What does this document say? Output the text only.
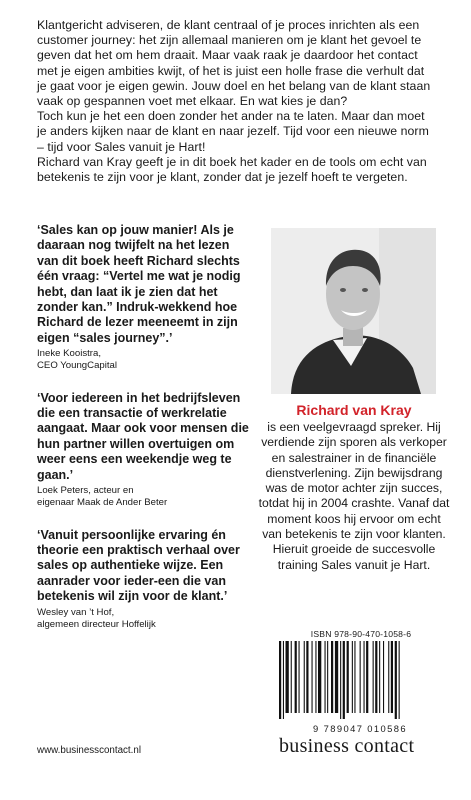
Klantgericht adviseren, de klant centraal of je proces inrichten als een customer journey: het zijn allemaal manieren om je klant het gevoel te geven dat het om hem draait. Maar vaak raak je daardoor het contact met je eigen ambities kwijt, of het is juist een holle frase die verhult dat je gaat voor je eigen gewin. Jouw doel en het belang van de klant staan vaak op gespannen voet met elkaar. En wat kies je dan?

Toch kun je het een doen zonder het ander na te laten. Maar dan moet je anders kijken naar de klant en naar jezelf. Tijd voor een nieuwe norm – tijd voor Sales vanuit je Hart!

Richard van Kray geeft je in dit boek het kader en de tools om echt van betekenis te zijn voor je klant, zonder dat je jezelf hoeft te vergeten.

‘Sales kan op jouw manier! Als je daaraan nog twijfelt na het lezen van dit boek heeft Richard slechts één vraag: “Vertel me wat je nodig hebt, dan laat ik je zien dat het zonder kan.” Indruk-wekkend hoe Richard de lezer meeneemt in zijn eigen “sales journey”.’

Ineke Kooistra,
CEO YoungCapital

‘Voor iedereen in het bedrijfsleven die een transactie of werkrelatie aangaat. Maar ook voor mensen die hun partner willen overtuigen om weer eens een weekendje weg te gaan.’

Loek Peters, acteur en
eigenaar Maak de Ander Beter

‘Vanuit persoonlijke ervaring én theorie een praktisch verhaal over sales op authentieke wijze. Een aanrader voor ieder-een die van betekenis wil zijn voor de klant.’

Wesley van ’t Hof,
algemeen directeur Hoffelijk
Richard van Kray
is een veelgevraagd spreker. Hij verdiende zijn sporen als verkoper en salestrainer in de financiële dienstverlening. Zijn bewijsdrang was de motor achter zijn succes, totdat hij in 2004 crashte. Vanaf dat moment koos hij ervoor om echt van betekenis te zijn voor klanten. Hieruit groeide de succesvolle training Sales vanuit je Hart.
ISBN 978-90-470-1058-6
9 789047 010586
www.businesscontact.nl	business contact
